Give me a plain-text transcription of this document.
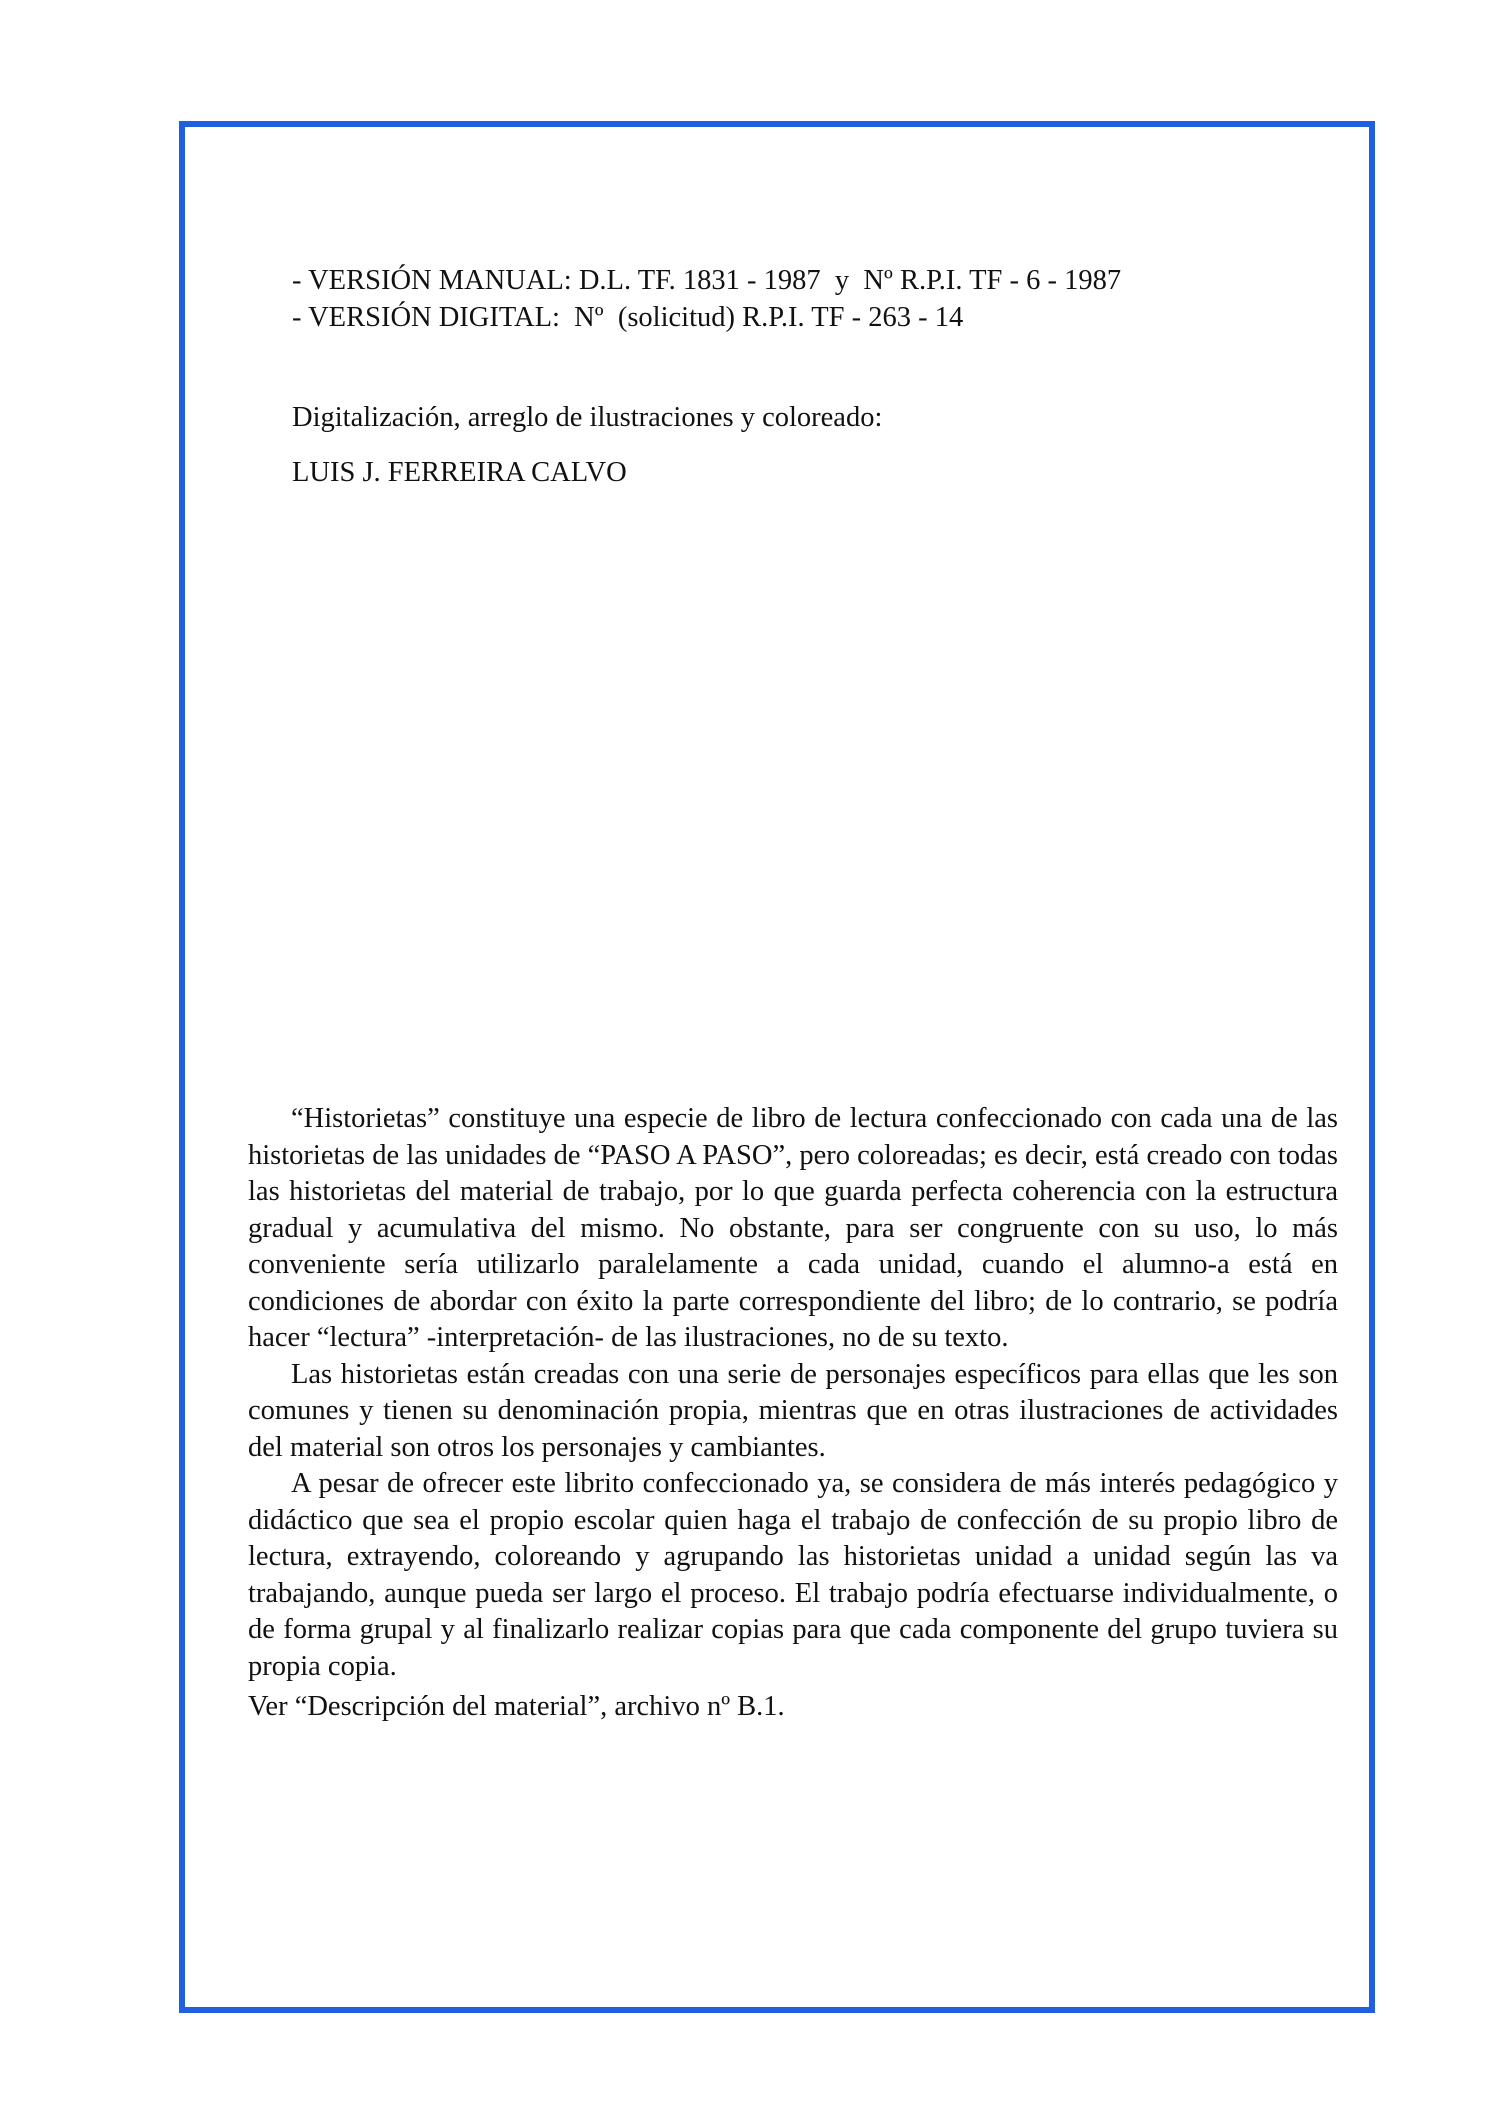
- VERSIÓN MANUAL: D.L. TF. 1831 - 1987  y  Nº R.P.I. TF - 6 - 1987
- VERSIÓN DIGITAL:  Nº  (solicitud) R.P.I. TF - 263 - 14
Digitalización, arreglo de ilustraciones y coloreado:
LUIS J. FERREIRA CALVO

“Historietas” constituye una especie de libro de lectura confeccionado con cada una de las historietas de las unidades de “PASO A PASO”, pero coloreadas; es decir, está creado con todas las historietas del material de trabajo, por lo que guarda perfecta coherencia con la estructura gradual y acumulativa del mismo. No obstante, para ser congruente con su uso, lo más conveniente sería utilizarlo paralelamente a cada unidad, cuando el alumno-a está en condiciones de abordar con éxito la parte correspondiente del libro; de lo contrario, se podría hacer “lectura” -interpretación- de las ilustraciones, no de su texto.

Las historietas están creadas con una serie de personajes específicos para ellas que les son comunes y tienen su denominación propia, mientras que en otras ilustraciones de actividades del material son otros los personajes y cambiantes.

A pesar de ofrecer este librito confeccionado ya, se considera de más interés pedagógico y didáctico que sea el propio escolar quien haga el trabajo de confección de su propio libro de lectura, extrayendo, coloreando y agrupando las historietas unidad a unidad según las va trabajando, aunque pueda ser largo el proceso. El trabajo podría efectuarse individualmente, o de forma grupal y al finalizarlo realizar copias para que cada componente del grupo tuviera su propia copia.

Ver “Descripción del material”, archivo nº B.1.
